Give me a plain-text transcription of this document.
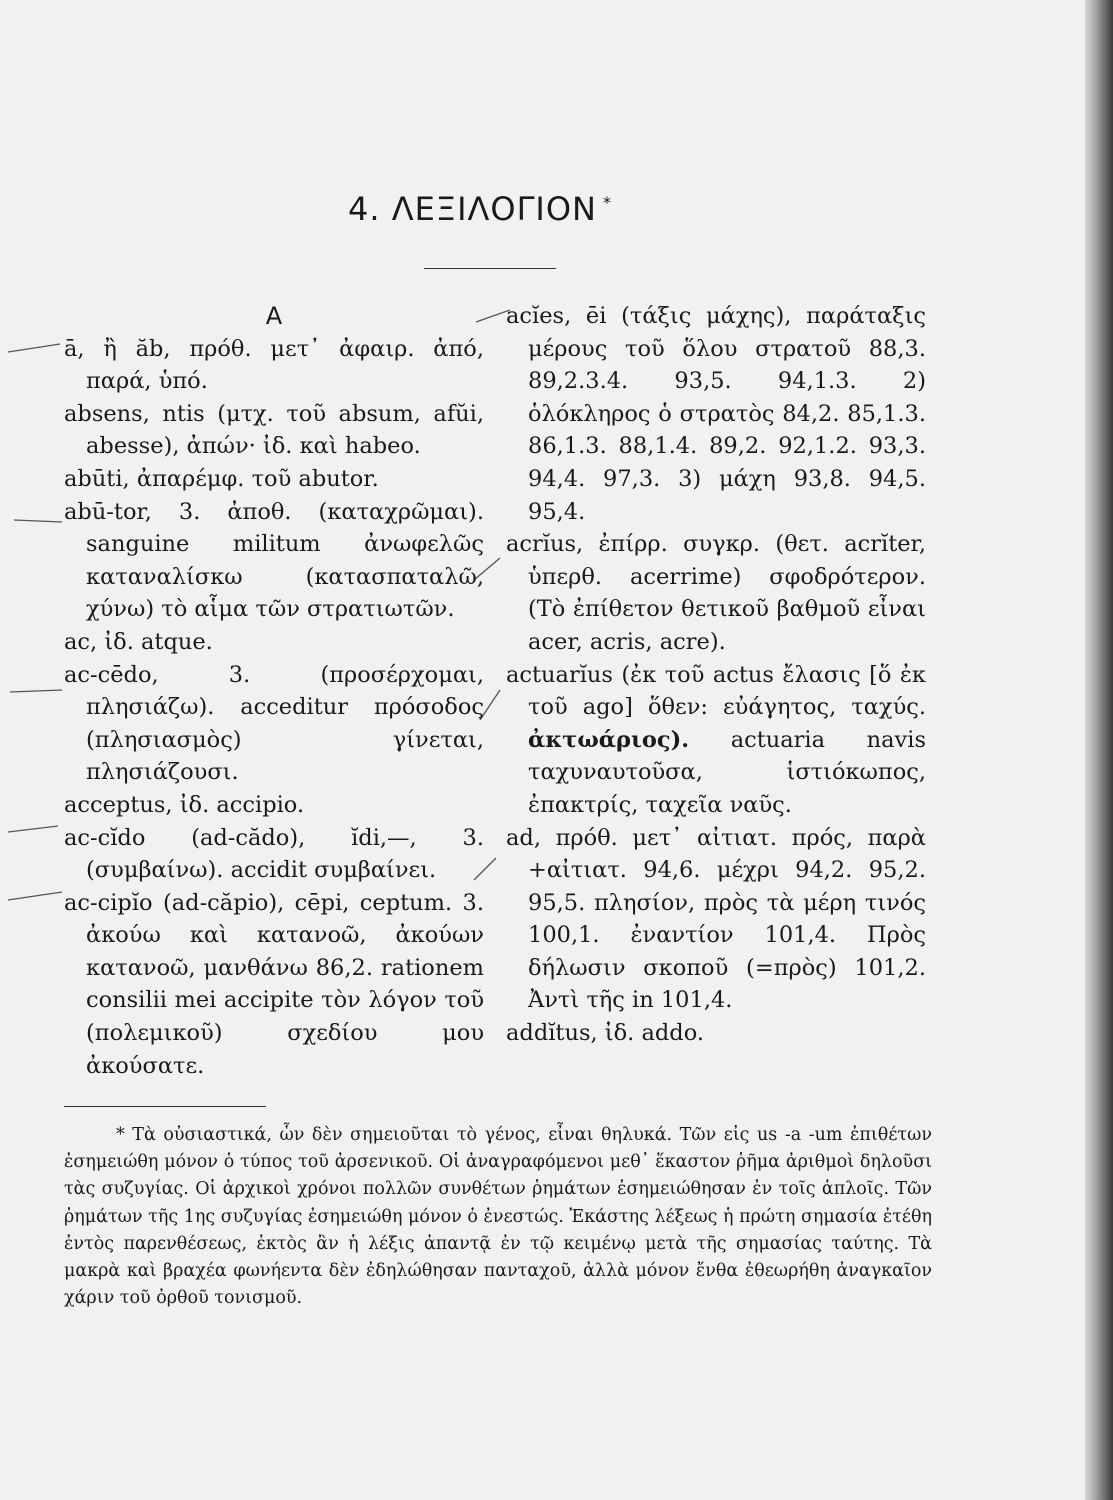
4. ΛΕΞΙΛΟΓΙΟΝ *
A
ā, ἢ ăb, πρόθ. μετ᾽ ἀφαιρ. ἀπό, παρά, ὑπό.
absens, ntis (μτχ. τοῦ absum, afŭi, abesse), ἀπών· ἰδ. καὶ habeo.
abūti, ἀπαρέμφ. τοῦ abutor.
abū-tor, 3. ἀποθ. (καταχρῶμαι). sanguine militum ἀνωφελῶς καταναλίσκω (κατασπαταλῶ, χύνω) τὸ αἷμα τῶν στρατιωτῶν.
ac, ἰδ. atque.
ac-cēdo, 3. (προσέρχομαι, πλησιάζω). acceditur πρόσοδος (πλησιασμὸς) γίνεται, πλησιάζουσι.
acceptus, ἰδ. accipio.
ac-cĭdo (ad-cădo), ĭdi,—, 3. (συμβαίνω). accidit συμβαίνει.
ac-cipĭo (ad-căpio), cēpi, ceptum. 3. ἀκούω καὶ κατανοῶ, ἀκούων κατανοῶ, μανθάνω 86,2. rationem consilii mei accipite τὸν λόγον τοῦ (πολεμικοῦ) σχεδίου μου ἀκούσατε.
acĭes, ēi (τάξις μάχης), παράταξις μέρους τοῦ ὅλου στρατοῦ 88,3. 89,2.3.4. 93,5. 94,1.3. 2) ὁλόκληρος ὁ στρατὸς 84,2. 85,1.3. 86,1.3. 88,1.4. 89,2. 92,1.2. 93,3. 94,4. 97,3. 3) μάχη 93,8. 94,5. 95,4.
acrĭus, ἐπίρρ. συγκρ. (θετ. acrĭter, ὑπερθ. acerrime) σφοδρότερον. (Τὸ ἐπίθετον θετικοῦ βαθμοῦ εἶναι acer, acris, acre).
actuarĭus (ἐκ τοῦ actus ἔλασις [ὅ ἐκ τοῦ ago] ὅθεν: εὐάγητος, ταχύς. ἀκτωάριος). actuaria navis ταχυναυτοῦσα, ἱστιόκωπος, ἐπακτρίς, ταχεῖα ναῦς.
ad, πρόθ. μετ᾽ αἰτιατ. πρός, παρὰ +αἰτιατ. 94,6. μέχρι 94,2. 95,2. 95,5. πλησίον, πρὸς τὰ μέρη τινός 100,1. ἐναντίον 101,4. Πρὸς δήλωσιν σκοποῦ (=πρὸς) 101,2. Ἀντὶ τῆς in 101,4.
addĭtus, ἰδ. addo.
* Τὰ οὐσιαστικά, ὧν δὲν σημειοῦται τὸ γένος, εἶναι θηλυκά. Τῶν εἰς us -a -um ἐπιθέτων ἐσημειώθη μόνον ὁ τύπος τοῦ ἀρσενικοῦ. Οἱ ἀναγραφόμενοι μεθ᾽ ἕκαστον ῥῆμα ἀριθμοὶ δηλοῦσι τὰς συζυγίας. Οἱ ἀρχικοὶ χρόνοι πολλῶν συνθέτων ῥημάτων ἐσημειώθησαν ἐν τοῖς ἁπλοῖς. Τῶν ῥημάτων τῆς 1ης συζυγίας ἐσημειώθη μόνον ὁ ἐνεστώς. Ἑκάστης λέξεως ἡ πρώτη σημασία ἐτέθη ἐντὸς παρενθέσεως, ἐκτὸς ἂν ἡ λέξις ἀπαντᾷ ἐν τῷ κειμένῳ μετὰ τῆς σημασίας ταύτης. Τὰ μακρὰ καὶ βραχέα φωνήεντα δὲν ἐδηλώθησαν πανταχοῦ, ἀλλὰ μόνον ἔνθα ἐθεωρήθη ἀναγκαῖον χάριν τοῦ ὀρθοῦ τονισμοῦ.
